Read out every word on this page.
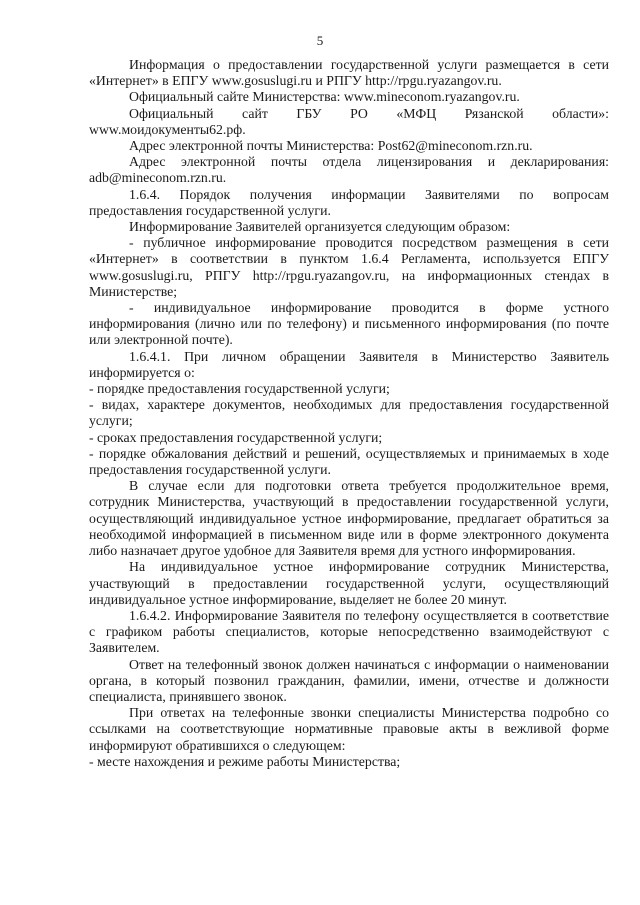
5

Информация о предоставлении государственной услуги размещается в сети «Интернет» в ЕПГУ www.gosuslugi.ru и РПГУ http://rpgu.ryazangov.ru.

Официальный сайте Министерства: www.mineconom.ryazangov.ru.

Официальный сайт ГБУ РО «МФЦ Рязанской области»: www.моидокументы62.рф.

Адрес электронной почты Министерства: Post62@mineconom.rzn.ru.

Адрес электронной почты отдела лицензирования и декларирования: adb@mineconom.rzn.ru.

1.6.4. Порядок получения информации Заявителями по вопросам предоставления государственной услуги.

Информирование Заявителей организуется следующим образом:

- публичное информирование проводится посредством размещения в сети «Интернет» в соответствии в пунктом 1.6.4 Регламента, используется ЕПГУ www.gosuslugi.ru, РПГУ http://rpgu.ryazangov.ru, на информационных стендах в Министерстве;

- индивидуальное информирование проводится в форме устного информирования (лично или по телефону) и письменного информирования (по почте или электронной почте).

1.6.4.1. При личном обращении Заявителя в Министерство Заявитель информируется о:

- порядке предоставления государственной услуги;

- видах, характере документов, необходимых для предоставления государственной услуги;

- сроках предоставления государственной услуги;

- порядке обжалования действий и решений, осуществляемых и принимаемых в ходе предоставления государственной услуги.

В случае если для подготовки ответа требуется продолжительное время, сотрудник Министерства, участвующий в предоставлении государственной услуги, осуществляющий индивидуальное устное информирование, предлагает обратиться за необходимой информацией в письменном виде или в форме электронного документа либо назначает другое удобное для Заявителя время для устного информирования.

На индивидуальное устное информирование сотрудник Министерства, участвующий в предоставлении государственной услуги, осуществляющий индивидуальное устное информирование, выделяет не более 20 минут.

1.6.4.2. Информирование Заявителя по телефону осуществляется в соответствие с графиком работы специалистов, которые непосредственно взаимодействуют с Заявителем.

Ответ на телефонный звонок должен начинаться с информации о наименовании органа, в который позвонил гражданин, фамилии, имени, отчестве и должности специалиста, принявшего звонок.

При ответах на телефонные звонки специалисты Министерства подробно со ссылками на соответствующие нормативные правовые акты в вежливой форме информируют обратившихся о следующем:

- месте нахождения и режиме работы Министерства;
